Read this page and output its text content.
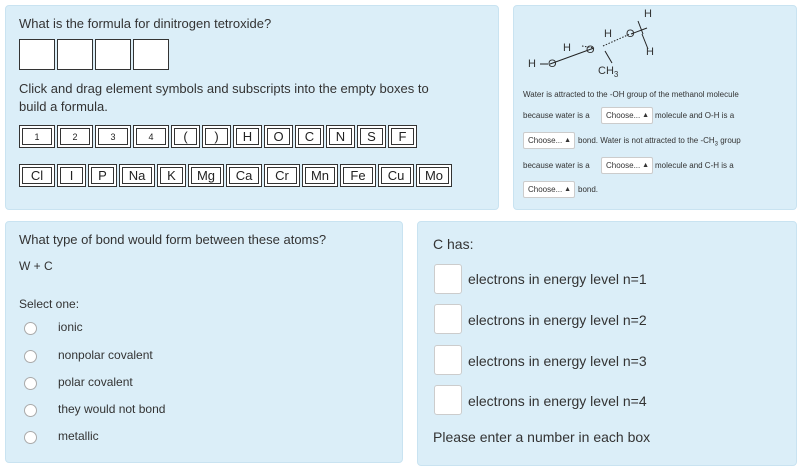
What is the formula for dinitrogen tetroxide?
Click and drag element symbols and subscripts into the empty boxes to
build a formula.
1	2	3	4	(	)	H	O	C	N	S	F
Cl	I	P	Na	K	Mg	Ca	Cr	Mn	Fe	Cu	Mo
H
H O
H
H O
H O
$CH_3$
Water is attracted to the -OH group of the methanol molecule
because water is a	Choose... ▲ molecule and O-H is a
Choose... ▲ bond. Water is not attracted to the $-CH_3$ group
because water is a	Choose... ▲ molecule and C-H is a
Choose... ▲ bond.
What type of bond would form between these atoms?
W + C
Select one:
ionic
nonpolar covalent
polar covalent
they would not bond
metallic
C has:
electrons in energy level n=1
electrons in energy level n=2
electrons in energy level n=3
electrons in energy level n=4
Please enter a number in each box
